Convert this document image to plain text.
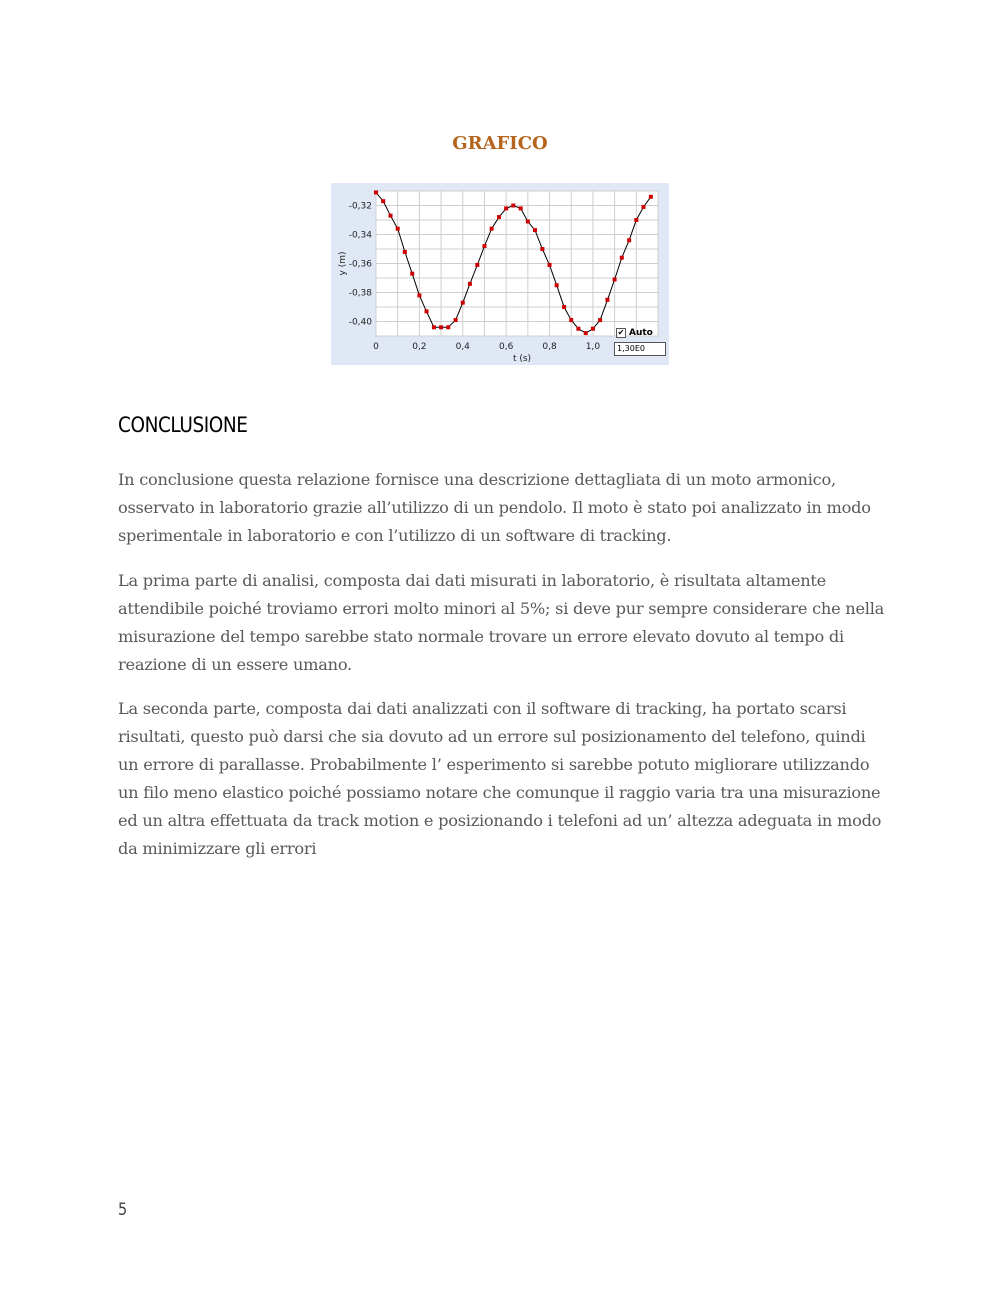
GRAFICO
0	0,2	0,4	0,6	0,8	1,0
-0,32
-0,34
-0,36
-0,38
-0,40
t (s)
y (m)
✔ Auto
1,30E0
CONCLUSIONE

In conclusione questa relazione fornisce una descrizione dettagliata di un moto armonico, osservato in laboratorio grazie all’utilizzo di un pendolo. Il moto è stato poi analizzato in modo sperimentale in laboratorio e con l’utilizzo di un software di tracking.

La prima parte di analisi, composta dai dati misurati in laboratorio, è risultata altamente attendibile poiché troviamo errori molto minori al 5%; si deve pur sempre considerare che nella misurazione del tempo sarebbe stato normale trovare un errore elevato dovuto al tempo di reazione di un essere umano.

La seconda parte, composta dai dati analizzati con il software di tracking, ha portato scarsi risultati, questo può darsi che sia dovuto ad un errore sul posizionamento del telefono, quindi un errore di parallasse. Probabilmente l’ esperimento si sarebbe potuto migliorare utilizzando un filo meno elastico poiché possiamo notare che comunque il raggio varia tra una misurazione ed un altra effettuata da track motion e posizionando i telefoni ad un’ altezza adeguata in modo da minimizzare gli errori

5
